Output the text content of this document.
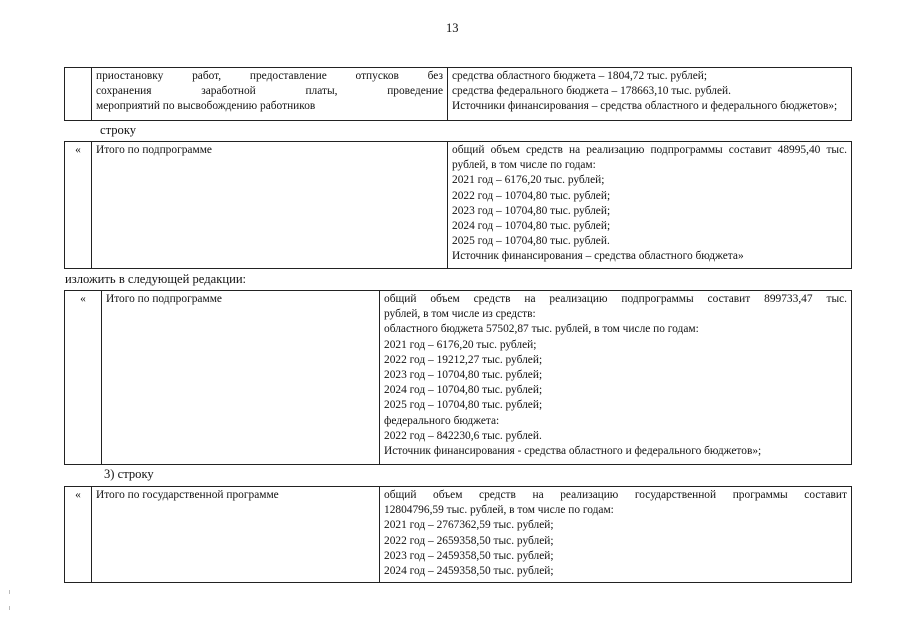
13

приостановку работ, предоставление отпусков без
сохранения заработной платы, проведение
мероприятий по высвобождению работников

средства областного бюджета – 1804,72 тыс. рублей;
средства федерального бюджета – 178663,10 тыс. рублей.
Источники финансирования – средства областного и федерального бюджетов»;
строку
«	Итого по подпрограмме	общий объем средств на реализацию подпрограммы составит 48995,40 тыс.
рублей, в том числе по годам:
2021 год – 6176,20 тыс. рублей;
2022 год – 10704,80 тыс. рублей;
2023 год – 10704,80 тыс. рублей;
2024 год – 10704,80 тыс. рублей;
2025 год – 10704,80 тыс. рублей.
Источник финансирования – средства областного бюджета»
изложить в следующей редакции:
«	Итого по подпрограмме	общий объем средств на реализацию подпрограммы составит 899733,47 тыс.
рублей, в том числе из средств:
областного бюджета 57502,87 тыс. рублей, в том числе по годам:
2021 год – 6176,20 тыс. рублей;
2022 год – 19212,27 тыс. рублей;
2023 год – 10704,80 тыс. рублей;
2024 год – 10704,80 тыс. рублей;
2025 год – 10704,80 тыс. рублей;
федерального бюджета:
2022 год – 842230,6 тыс. рублей.
Источник финансирования - средства областного и федерального бюджетов»;
3) строку
«	Итого по государственной программе	общий объем средств на реализацию государственной программы составит
12804796,59 тыс. рублей, в том числе по годам:
2021 год – 2767362,59 тыс. рублей;
2022 год – 2659358,50 тыс. рублей;
2023 год – 2459358,50 тыс. рублей;
2024 год – 2459358,50 тыс. рублей;
